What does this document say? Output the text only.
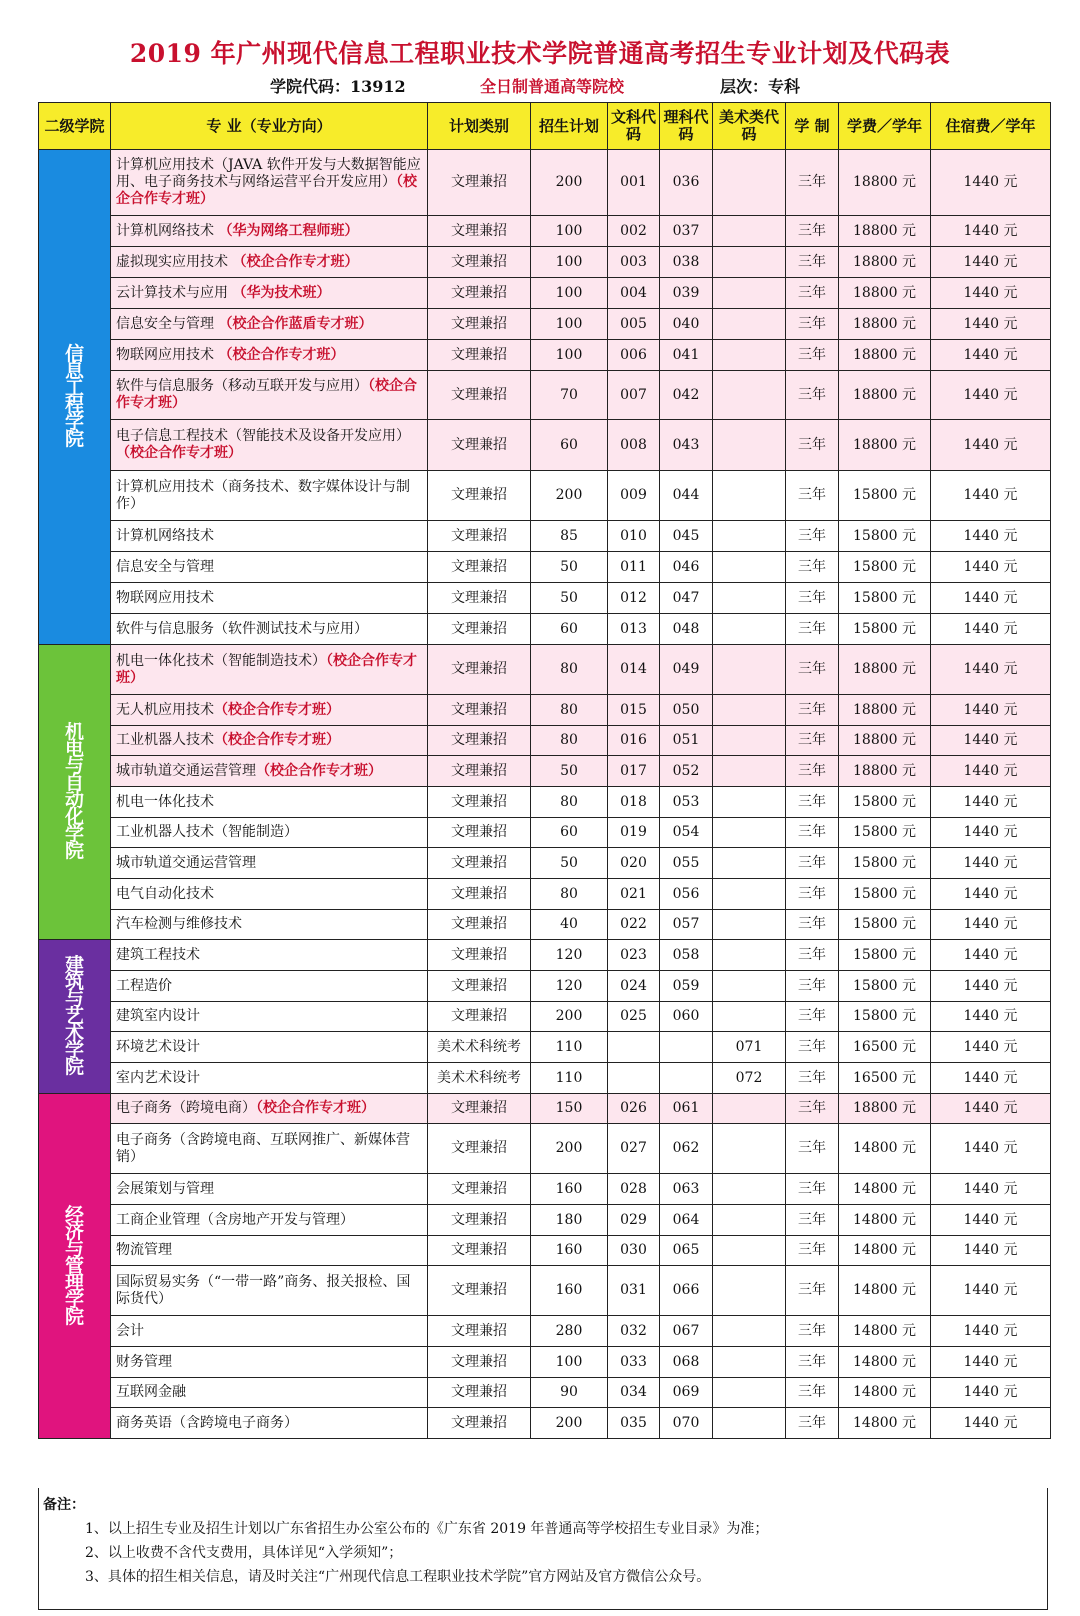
2019 年广州现代信息工程职业技术学院普通高考招生专业计划及代码表
学院代码：13912	全日制普通高等院校	层次：专科
二级学院	专 业（专业方向）	计划类别	招生计划	文科代码	理科代码	美术类代码	学 制	学费／学年	住宿费／学年

信息工程学院	计算机应用技术（JAVA 软件开发与大数据智能应用、电子商务技术与网络运营平台开发应用）（校企合作专才班）	文理兼招	200	001	036		三年	18800 元	1440 元
	计算机网络技术 （华为网络工程师班）	文理兼招	100	002	037		三年	18800 元	1440 元
	虚拟现实应用技术 （校企合作专才班）	文理兼招	100	003	038		三年	18800 元	1440 元
	云计算技术与应用 （华为技术班）	文理兼招	100	004	039		三年	18800 元	1440 元
	信息安全与管理 （校企合作蓝盾专才班）	文理兼招	100	005	040		三年	18800 元	1440 元
	物联网应用技术 （校企合作专才班）	文理兼招	100	006	041		三年	18800 元	1440 元
	软件与信息服务（移动互联开发与应用）（校企合作专才班）	文理兼招	70	007	042		三年	18800 元	1440 元
	电子信息工程技术（智能技术及设备开发应用）（校企合作专才班）	文理兼招	60	008	043		三年	18800 元	1440 元
	计算机应用技术（商务技术、数字媒体设计与制作）	文理兼招	200	009	044		三年	15800 元	1440 元
	计算机网络技术	文理兼招	85	010	045		三年	15800 元	1440 元
	信息安全与管理	文理兼招	50	011	046		三年	15800 元	1440 元
	物联网应用技术	文理兼招	50	012	047		三年	15800 元	1440 元
	软件与信息服务（软件测试技术与应用）	文理兼招	60	013	048		三年	15800 元	1440 元

机电与自动化学院	机电一体化技术（智能制造技术）（校企合作专才班）	文理兼招	80	014	049		三年	18800 元	1440 元
	无人机应用技术（校企合作专才班）	文理兼招	80	015	050		三年	18800 元	1440 元
	工业机器人技术（校企合作专才班）	文理兼招	80	016	051		三年	18800 元	1440 元
	城市轨道交通运营管理（校企合作专才班）	文理兼招	50	017	052		三年	18800 元	1440 元
	机电一体化技术	文理兼招	80	018	053		三年	15800 元	1440 元
	工业机器人技术（智能制造）	文理兼招	60	019	054		三年	15800 元	1440 元
	城市轨道交通运营管理	文理兼招	50	020	055		三年	15800 元	1440 元
	电气自动化技术	文理兼招	80	021	056		三年	15800 元	1440 元
	汽车检测与维修技术	文理兼招	40	022	057		三年	15800 元	1440 元

建筑与艺术学院	建筑工程技术	文理兼招	120	023	058		三年	15800 元	1440 元
	工程造价	文理兼招	120	024	059		三年	15800 元	1440 元
	建筑室内设计	文理兼招	200	025	060		三年	15800 元	1440 元
	环境艺术设计	美术术科统考	110			071	三年	16500 元	1440 元
	室内艺术设计	美术术科统考	110			072	三年	16500 元	1440 元

经济与管理学院	电子商务（跨境电商）（校企合作专才班）	文理兼招	150	026	061		三年	18800 元	1440 元
	电子商务（含跨境电商、互联网推广、新媒体营销）	文理兼招	200	027	062		三年	14800 元	1440 元
	会展策划与管理	文理兼招	160	028	063		三年	14800 元	1440 元
	工商企业管理（含房地产开发与管理）	文理兼招	180	029	064		三年	14800 元	1440 元
	物流管理	文理兼招	160	030	065		三年	14800 元	1440 元
	国际贸易实务（“一带一路”商务、报关报检、国际货代）	文理兼招	160	031	066		三年	14800 元	1440 元
	会计	文理兼招	280	032	067		三年	14800 元	1440 元
	财务管理	文理兼招	100	033	068		三年	14800 元	1440 元
	互联网金融	文理兼招	90	034	069		三年	14800 元	1440 元
	商务英语（含跨境电子商务）	文理兼招	200	035	070		三年	14800 元	1440 元
备注：
1、以上招生专业及招生计划以广东省招生办公室公布的《广东省 2019 年普通高等学校招生专业目录》为准；
2、以上收费不含代支费用，具体详见“入学须知”；
3、具体的招生相关信息，请及时关注“广州现代信息工程职业技术学院”官方网站及官方微信公众号。
